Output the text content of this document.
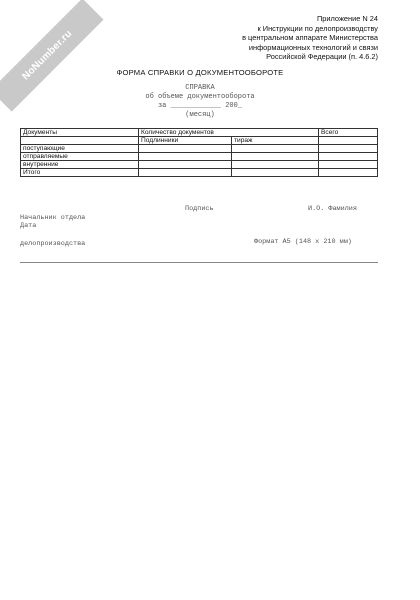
NoNumber.ru
Приложение N 24
к Инструкции по делопроизводству
в центральном аппарате Министерства
информационных технологий и связи
Российской Федерации (п. 4.6.2)
ФОРМА СПРАВКИ О ДОКУМЕНТООБОРОТЕ
СПРАВКА
об объеме документооборота
за ____________ 200_
(месяц)
Документы	Количество документов		Всего
	Подлинники	тираж	
поступающие			
отправляемые			
внутренние			
Итого			

Начальник отдела

делопроизводства

Подпись	И.О. Фамилия
Дата
Формат А5 (148 х 210 мм)
